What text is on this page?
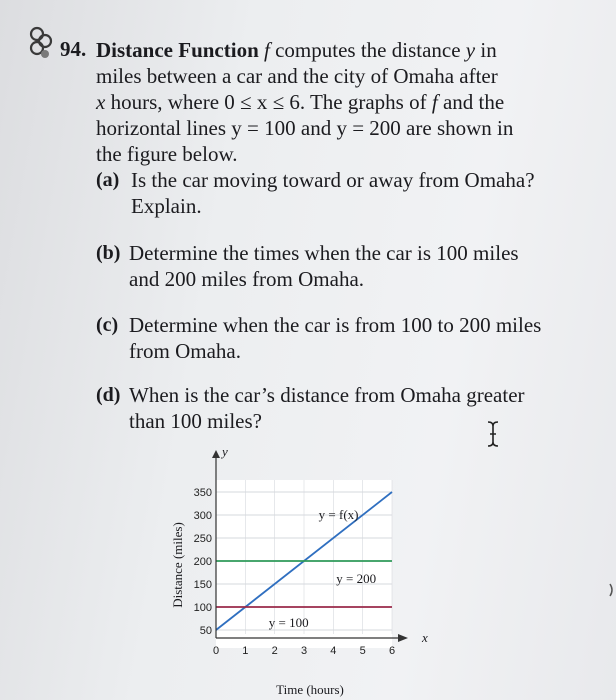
94. Distance Function f computes the distance y in
miles between a car and the city of Omaha after
x hours, where 0 ≤ x ≤ 6. The graphs of f and the
horizontal lines y = 100 and y = 200 are shown in
the figure below.
(a) Is the car moving toward or away from Omaha?
Explain.
(b) Determine the times when the car is 100 miles
and 200 miles from Omaha.
(c) Determine when the car is from 100 to 200 miles
from Omaha.
(d) When is the car’s distance from Omaha greater
than 100 miles?
y = f(x)
y = 200
y = 100
50
100
150
200
250
300
350
0 1 2 3 4 5 6
Time (hours)
Distance (miles)
x
y
